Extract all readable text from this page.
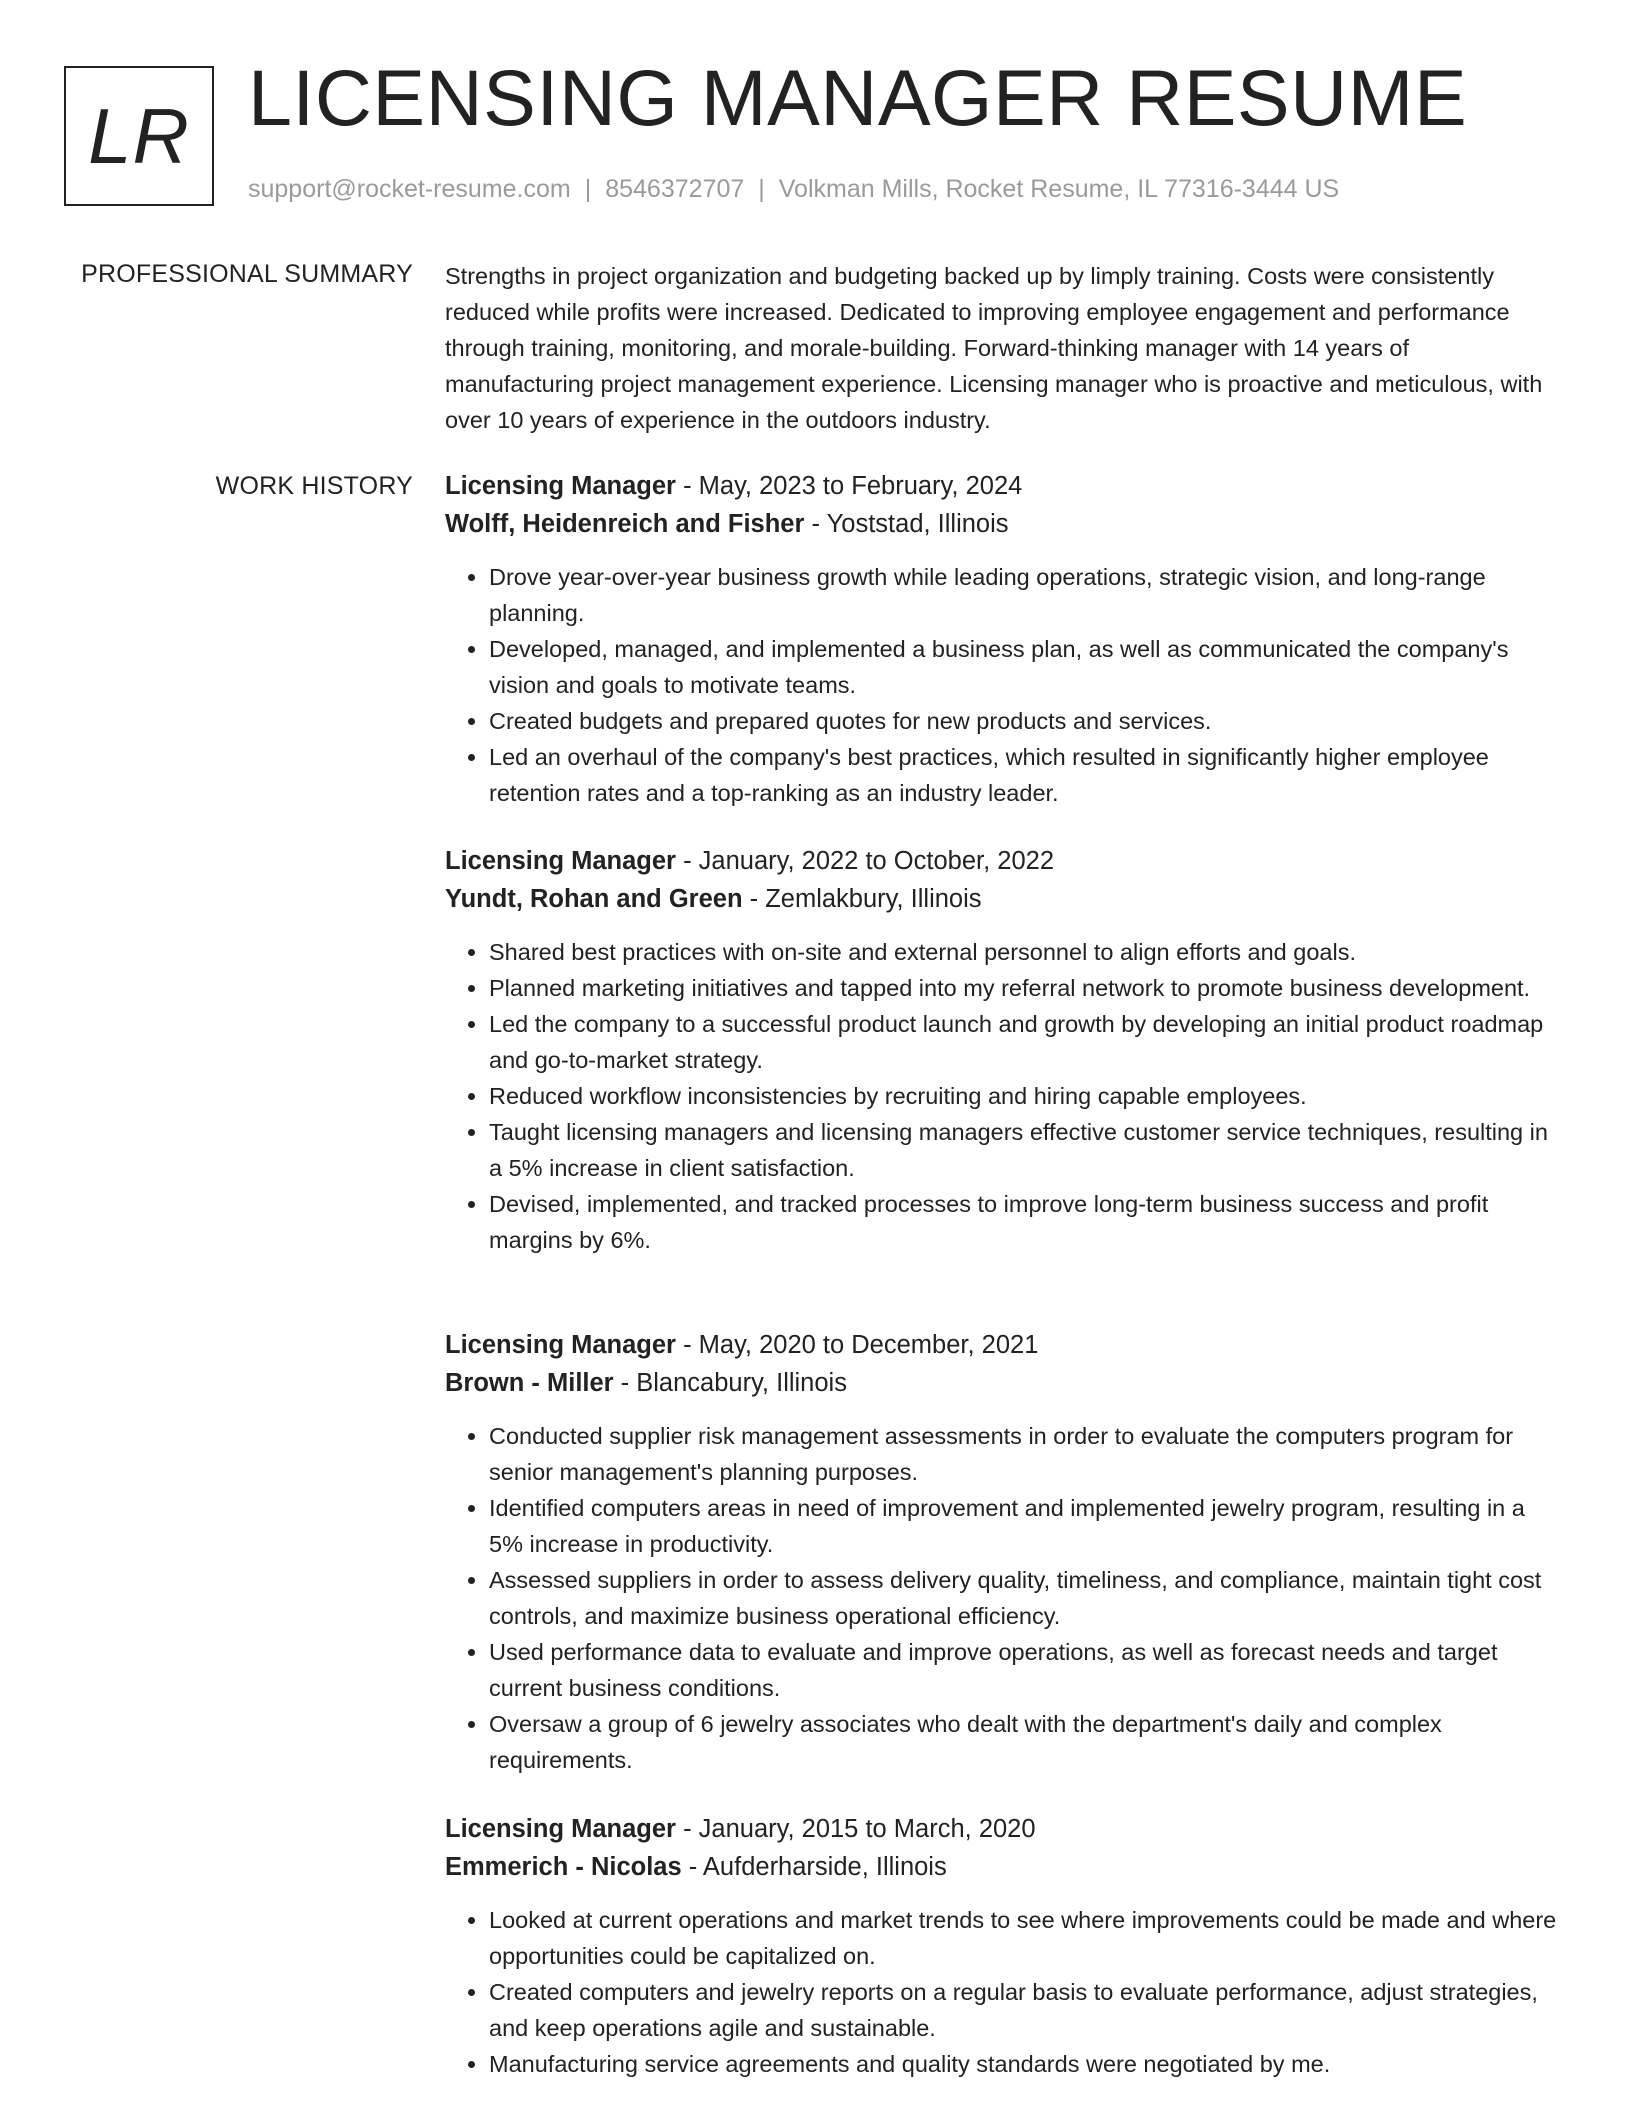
LR LICENSING MANAGER RESUME
support@rocket-resume.com | 8546372707 | Volkman Mills, Rocket Resume, IL 77316-3444 US
PROFESSIONAL SUMMARY Strengths in project organization and budgeting backed up by limply training. Costs were consistently reduced while profits were increased. Dedicated to improving employee engagement and performance through training, monitoring, and morale-building. Forward-thinking manager with 14 years of manufacturing project management experience. Licensing manager who is proactive and meticulous, with over 10 years of experience in the outdoors industry.

WORK HISTORY Licensing Manager - May, 2023 to February, 2024
Wolff, Heidenreich and Fisher - Yoststad, Illinois
• Drove year-over-year business growth while leading operations, strategic vision, and long-range planning.
• Developed, managed, and implemented a business plan, as well as communicated the company's vision and goals to motivate teams.
• Created budgets and prepared quotes for new products and services.
• Led an overhaul of the company's best practices, which resulted in significantly higher employee retention rates and a top-ranking as an industry leader.
Licensing Manager - January, 2022 to October, 2022
Yundt, Rohan and Green - Zemlakbury, Illinois
• Shared best practices with on-site and external personnel to align efforts and goals.
• Planned marketing initiatives and tapped into my referral network to promote business development.
• Led the company to a successful product launch and growth by developing an initial product roadmap and go-to-market strategy.
• Reduced workflow inconsistencies by recruiting and hiring capable employees.
• Taught licensing managers and licensing managers effective customer service techniques, resulting in a 5% increase in client satisfaction.
• Devised, implemented, and tracked processes to improve long-term business success and profit margins by 6%.
Licensing Manager - May, 2020 to December, 2021
Brown - Miller - Blancabury, Illinois
• Conducted supplier risk management assessments in order to evaluate the computers program for senior management's planning purposes.
• Identified computers areas in need of improvement and implemented jewelry program, resulting in a 5% increase in productivity.
• Assessed suppliers in order to assess delivery quality, timeliness, and compliance, maintain tight cost controls, and maximize business operational efficiency.
• Used performance data to evaluate and improve operations, as well as forecast needs and target current business conditions.
• Oversaw a group of 6 jewelry associates who dealt with the department's daily and complex requirements.
Licensing Manager - January, 2015 to March, 2020
Emmerich - Nicolas - Aufderharside, Illinois
• Looked at current operations and market trends to see where improvements could be made and where opportunities could be capitalized on.
• Created computers and jewelry reports on a regular basis to evaluate performance, adjust strategies, and keep operations agile and sustainable.
• Manufacturing service agreements and quality standards were negotiated by me.
